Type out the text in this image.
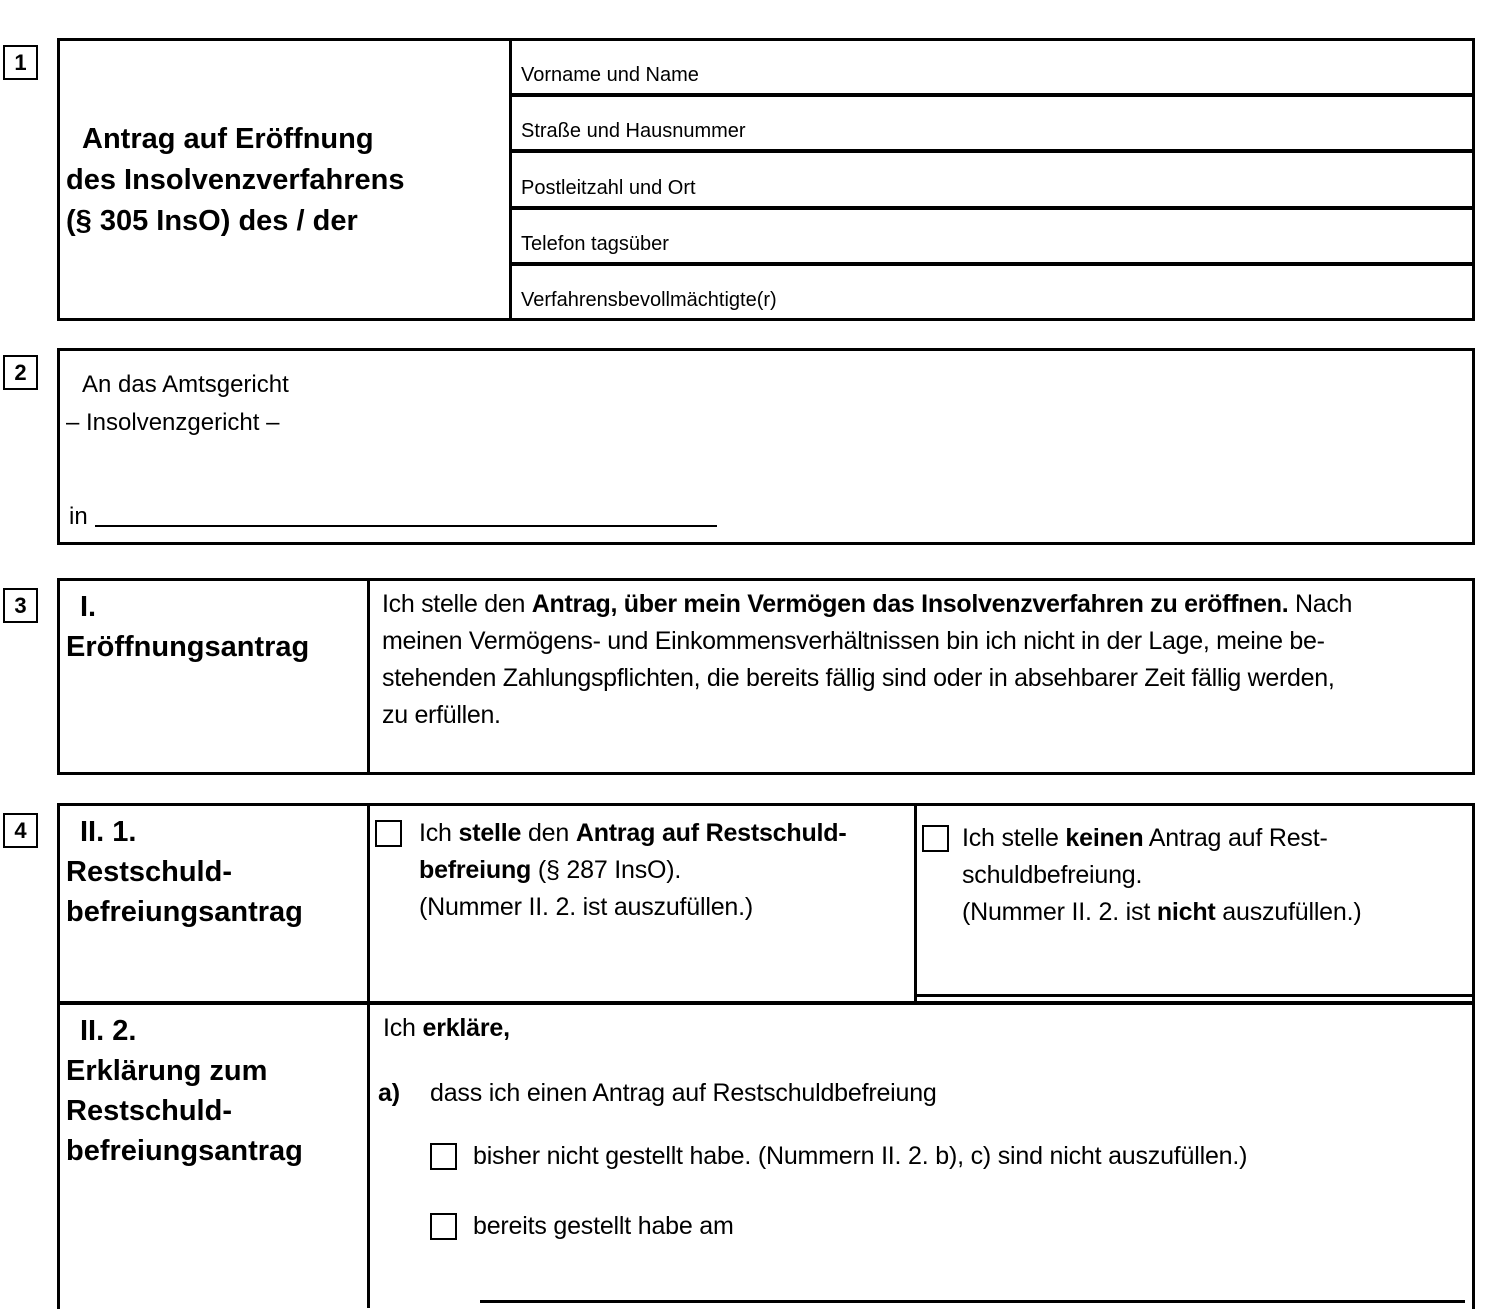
1
Antrag auf Eröffnung
des Insolvenzverfahrens
(§ 305 InsO) des / der
Vorname und Name
Straße und Hausnummer
Postleitzahl und Ort
Telefon tagsüber
Verfahrensbevollmächtigte(r)
2	An das Amtsgericht
– Insolvenzgericht –
in
3	I.
Eröffnungsantrag
Ich stelle den Antrag, über mein Vermögen das Insolvenzverfahren zu eröffnen. Nach
meinen Vermögens- und Einkommensverhältnissen bin ich nicht in der Lage, meine be-
stehenden Zahlungspflichten, die bereits fällig sind oder in absehbarer Zeit fällig werden,
zu erfüllen.
4	II. 1.
Restschuld-
befreiungsantrag
Ich stelle den Antrag auf Restschuld-
befreiung (§ 287 InsO).
(Nummer II. 2. ist auszufüllen.)
Ich stelle keinen Antrag auf Rest-
schuldbefreiung.
(Nummer II. 2. ist nicht auszufüllen.)
II. 2.
Erklärung zum
Restschuld-
befreiungsantrag
Ich erkläre,
a)	dass ich einen Antrag auf Restschuldbefreiung
bisher nicht gestellt habe. (Nummern II. 2. b), c) sind nicht auszufüllen.)
bereits gestellt habe am
